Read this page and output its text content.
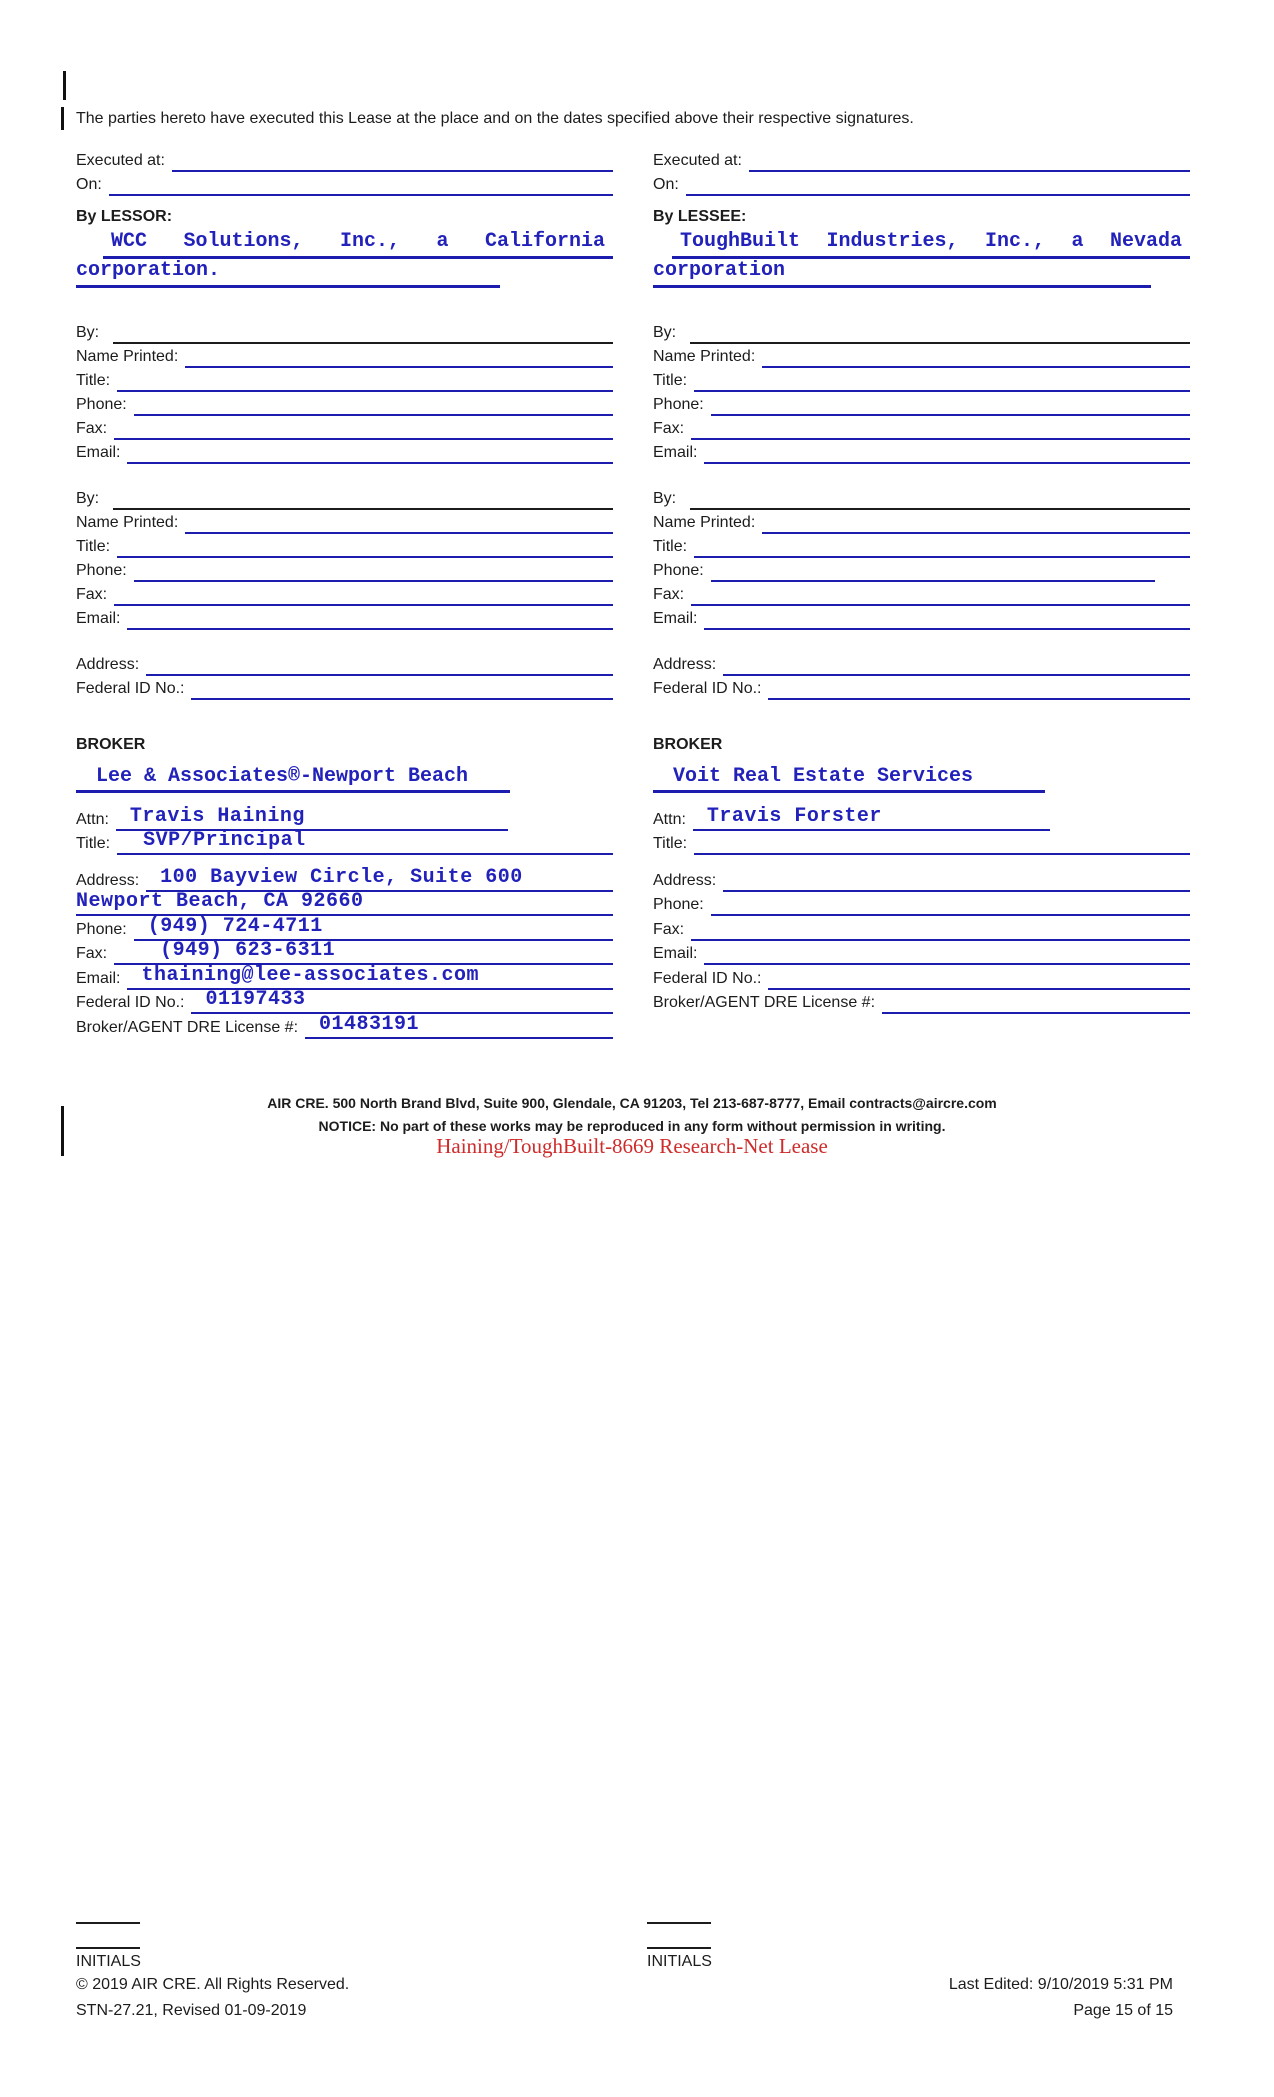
The parties hereto have executed this Lease at the place and on the dates specified above their respective signatures.
Executed at:
On:
By LESSOR:
WCC Solutions, Inc., a California
corporation.
By:
Name Printed:
Title:
Phone:
Fax:
Email:
By:
Name Printed:
Title:
Phone:
Fax:
Email:
Address:
Federal ID No.:
BROKER
Lee & Associates®-Newport Beach
Attn:	Travis Haining
Title:	SVP/Principal
Address:	100 Bayview Circle, Suite 600
Newport Beach, CA 92660
Phone:	(949) 724-4711
Fax:	(949) 623-6311
Email:	thaining@lee-associates.com
Federal ID No.:	01197433
Broker/AGENT DRE License #:	01483191
Executed at:
On:
By LESSEE:
ToughBuilt Industries, Inc., a Nevada
corporation
By:
Name Printed:
Title:
Phone:
Fax:
Email:
By:
Name Printed:
Title:
Phone:
Fax:
Email:
Address:
Federal ID No.:
BROKER
Voit Real Estate Services
Attn:	Travis Forster
Title:
Address:
Phone:
Fax:
Email:
Federal ID No.:
Broker/AGENT DRE License #:
AIR CRE. 500 North Brand Blvd, Suite 900, Glendale, CA 91203, Tel 213-687-8777, Email contracts@aircre.com
NOTICE: No part of these works may be reproduced in any form without permission in writing.
Haining/ToughBuilt-8669 Research-Net Lease
INITIALS	INITIALS
© 2019 AIR CRE. All Rights Reserved.
STN-27.21, Revised 01-09-2019
Last Edited: 9/10/2019 5:31 PM
Page 15 of 15
